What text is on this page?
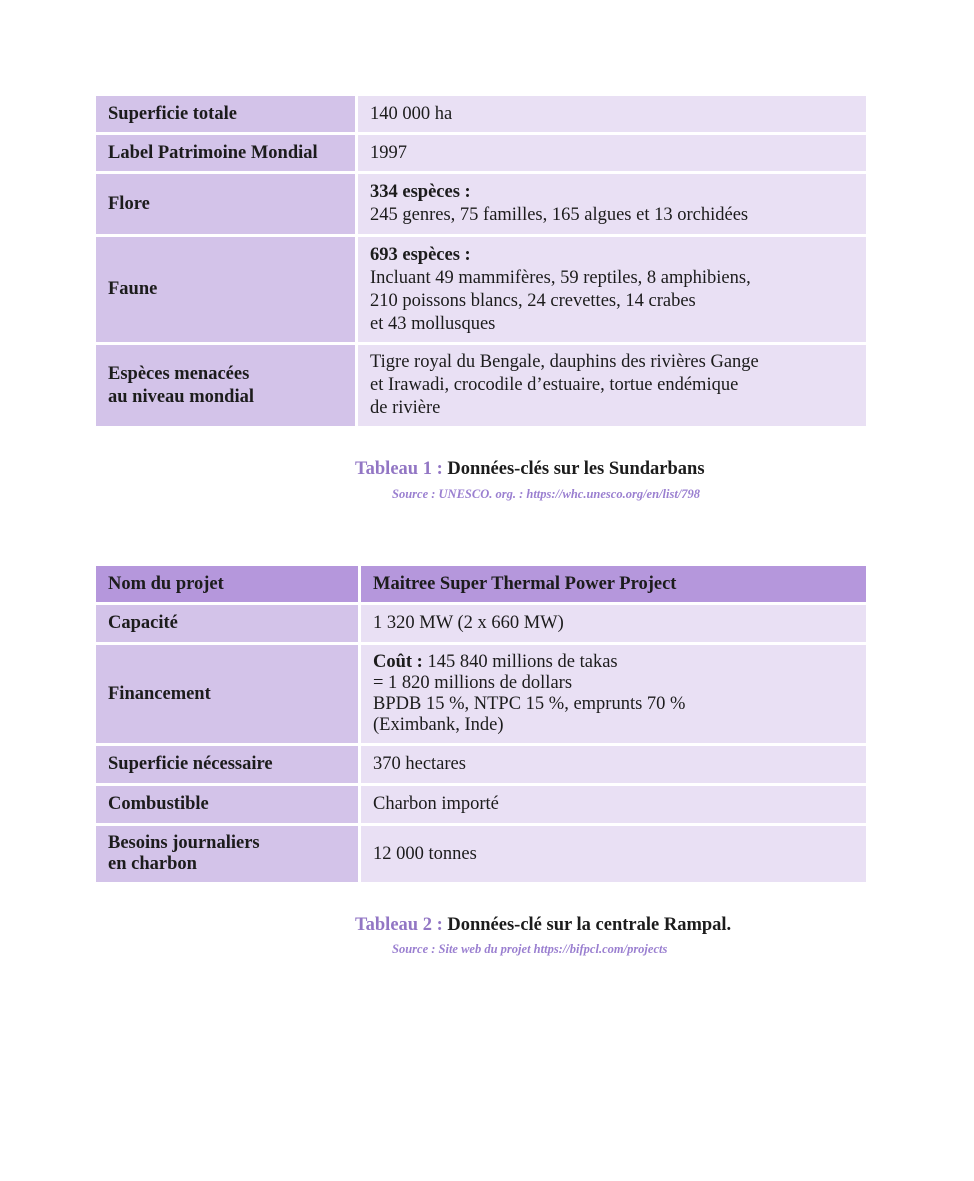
Superficie totale	140 000 ha
Label Patrimoine Mondial	1997
Flore	334 espèces :
245 genres, 75 familles, 165 algues et 13 orchidées

Faune	693 espèces :
Incluant 49 mammifères, 59 reptiles, 8 amphibiens,
210 poissons blancs, 24 crevettes, 14 crabes
et 43 mollusques

Espèces menacées
au niveau mondial	Tigre royal du Bengale, dauphins des rivières Gange
et Irawadi, crocodile d’estuaire, tortue endémique
de rivière
Tableau 1 : Données-clés sur les Sundarbans
Source : UNESCO. org. : https://whc.unesco.org/en/list/798
Nom du projet	Maitree Super Thermal Power Project
Capacité	1 320 MW (2 x 660 MW)
Financement	Coût : 145 840 millions de takas
= 1 820 millions de dollars
BPDB 15 %, NTPC 15 %, emprunts 70 %
(Eximbank, Inde)

Superficie nécessaire	370 hectares
Combustible	Charbon importé

Besoins journaliers
en charbon	12 000 tonnes
Tableau 2 : Données-clé sur la centrale Rampal.
Source : Site web du projet https://bifpcl.com/projects
